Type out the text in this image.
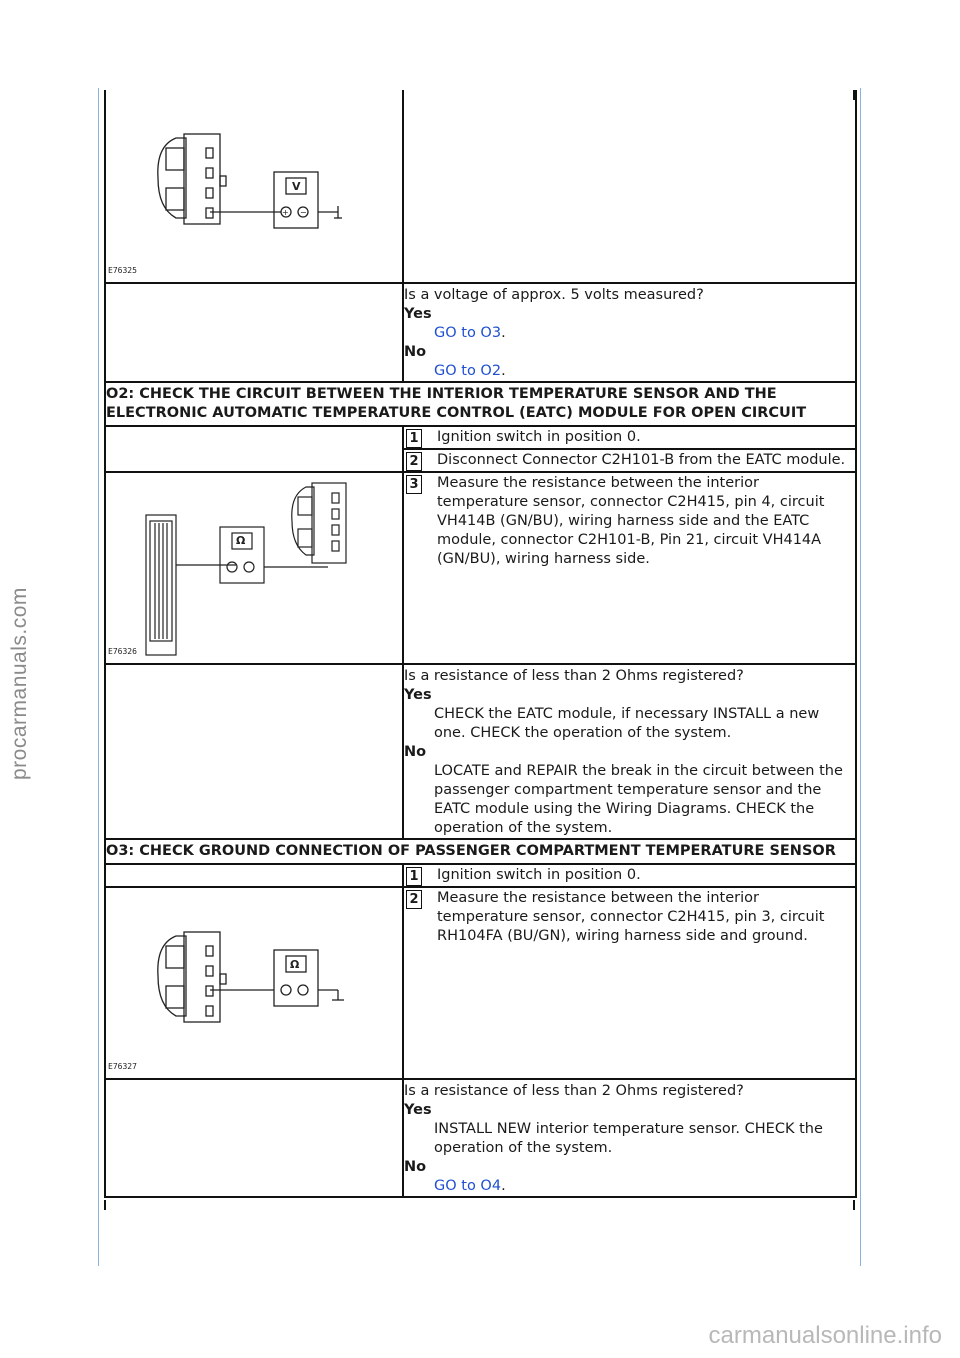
procarmanuals.com
carmanualsonline.info
V
+ −
E76325	

	Is a voltage of approx. 5 volts measured?
Yes
GO to O3.
No
GO to O2.

O2: CHECK THE CIRCUIT BETWEEN THE INTERIOR TEMPERATURE SENSOR AND THE ELECTRONIC AUTOMATIC TEMPERATURE CONTROL (EATC) MODULE FOR OPEN CIRCUIT	

	1 Ignition switch in position 0.

	2 Disconnect Connector C2H101-B from the EATC module.

Ω
E76326	3 Measure the resistance between the interior temperature sensor, connector C2H415, pin 4, circuit VH414B (GN/BU), wiring harness side and the EATC module, connector C2H101-B, Pin 21, circuit VH414A (GN/BU), wiring harness side.

	Is a resistance of less than 2 Ohms registered?
Yes
CHECK the EATC module, if necessary INSTALL a new one. CHECK the operation of the system.
No
LOCATE and REPAIR the break in the circuit between the passenger compartment temperature sensor and the EATC module using the Wiring Diagrams. CHECK the operation of the system.

O3: CHECK GROUND CONNECTION OF PASSENGER COMPARTMENT TEMPERATURE SENSOR	

	1 Ignition switch in position 0.

Ω
E76327	2 Measure the resistance between the interior temperature sensor, connector C2H415, pin 3, circuit RH104FA (BU/GN), wiring harness side and ground.

	Is a resistance of less than 2 Ohms registered?
Yes
INSTALL NEW interior temperature sensor. CHECK the operation of the system.
No
GO to O4.
